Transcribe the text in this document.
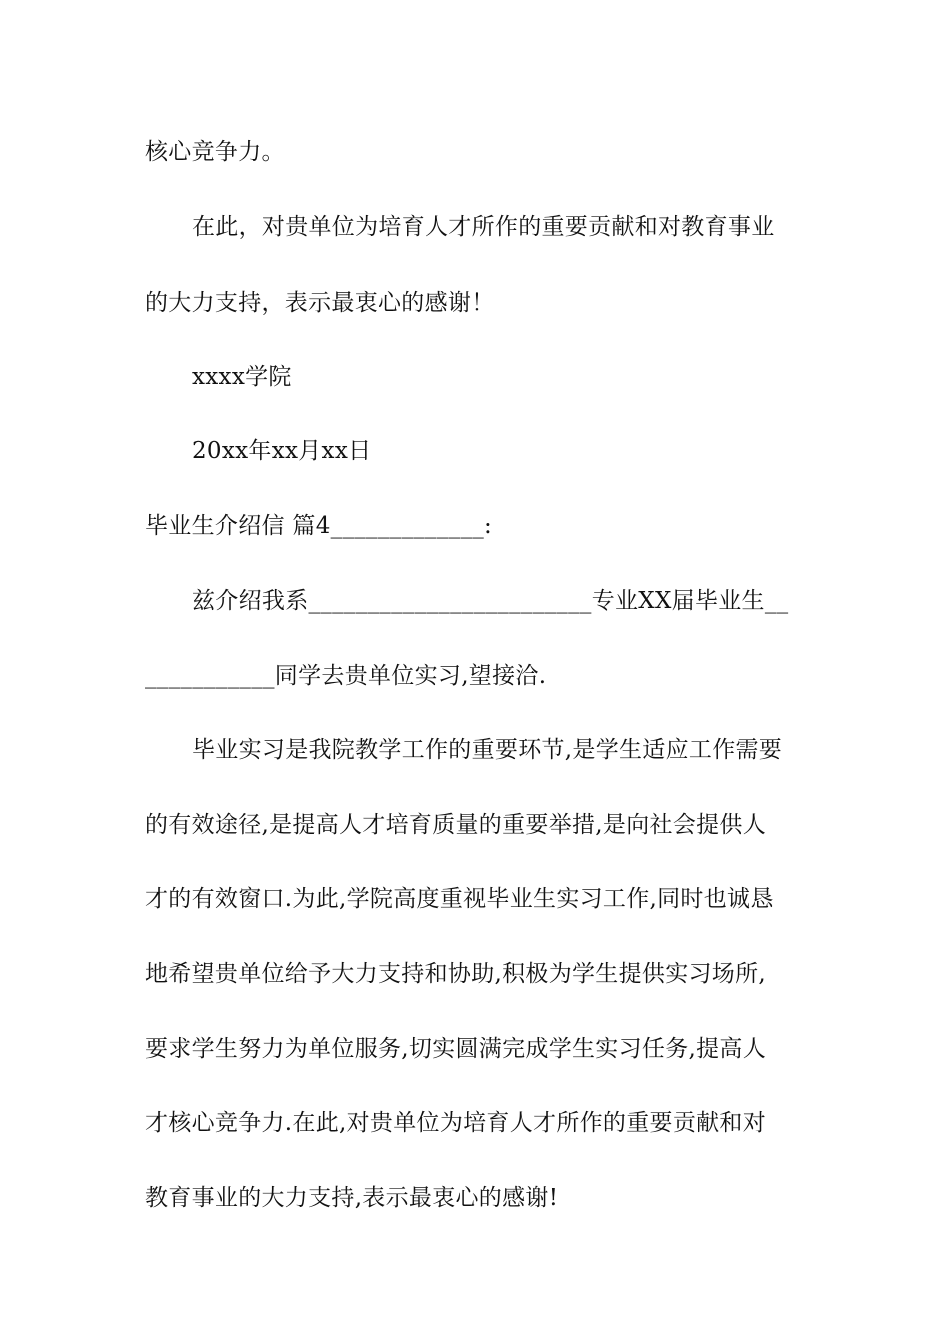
核心竞争力。
在此，对贵单位为培育人才所作的重要贡献和对教育事业
的大力支持，表示最衷心的感谢！
xxxx学院
20xx年xx月xx日
毕业生介绍信 篇4_____________:
兹介绍我系________________________专业XX届毕业生__
___________同学去贵单位实习,望接洽.
毕业实习是我院教学工作的重要环节,是学生适应工作需要
的有效途径,是提高人才培育质量的重要举措,是向社会提供人
才的有效窗口.为此,学院高度重视毕业生实习工作,同时也诚恳
地希望贵单位给予大力支持和协助,积极为学生提供实习场所,
要求学生努力为单位服务,切实圆满完成学生实习任务,提高人
才核心竞争力.在此,对贵单位为培育人才所作的重要贡献和对
教育事业的大力支持,表示最衷心的感谢!
